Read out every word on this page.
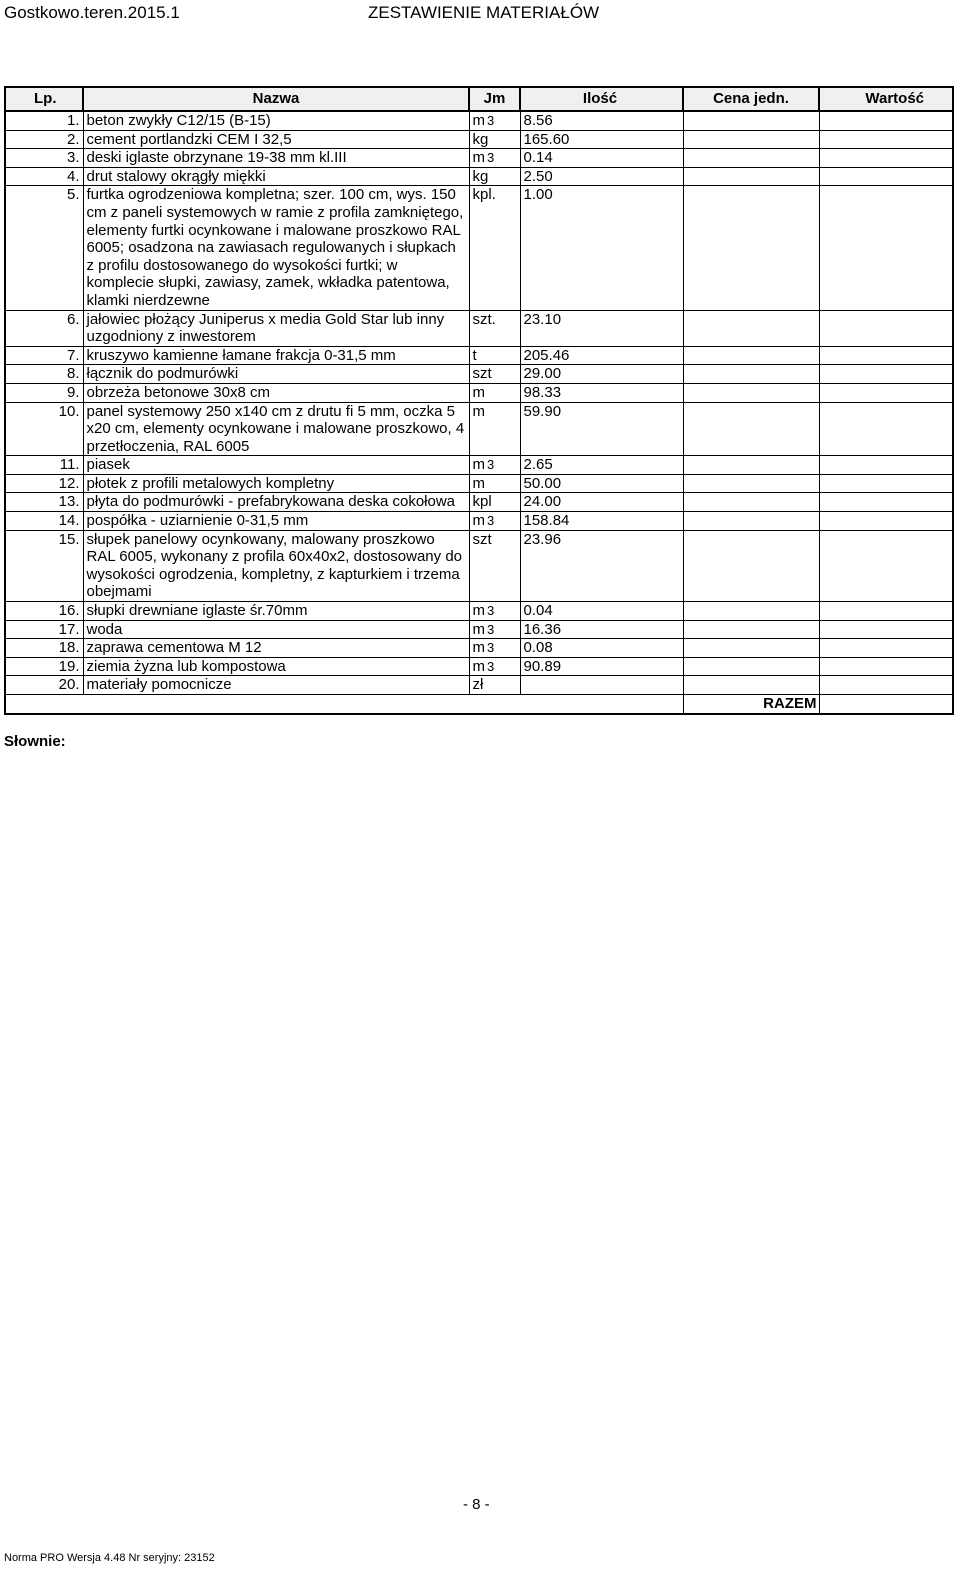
Gostkowo.teren.2015.1	ZESTAWIENIE MATERIAŁÓW
Lp.	Nazwa	Jm	Ilość	Cena jedn.	Wartość
1.	beton zwykły C12/15 (B-15)	m 3	8.56		
2.	cement portlandzki CEM I 32,5	kg	165.60		
3.	deski iglaste obrzynane 19-38 mm kl.III	m 3	0.14		
4.	drut stalowy okrągły miękki	kg	2.50		
5.	furtka ogrodzeniowa kompletna; szer. 100 cm, wys. 150 cm z paneli systemowych w ramie z profila zamkniętego, elementy furtki ocynkowane i malowane proszkowo RAL 6005; osadzona na zawiasach regulowanych i słupkach z profilu dostosowanego do wysokości furtki; w komplecie słupki, zawiasy, zamek, wkładka patentowa, klamki nierdzewne	kpl.	1.00		
6.	jałowiec płożący Juniperus x media Gold Star lub inny uzgodniony z inwestorem	szt.	23.10		
7.	kruszywo kamienne łamane frakcja 0-31,5 mm	t	205.46		
8.	łącznik do podmurówki	szt	29.00		
9.	obrzeża betonowe 30x8 cm	m	98.33		
10.	panel systemowy 250 x140 cm z drutu fi 5 mm, oczka 5 x20 cm, elementy ocynkowane i malowane proszkowo, 4 przetłoczenia, RAL 6005	m	59.90		
11.	piasek	m 3	2.65		
12.	płotek z profili metalowych kompletny	m	50.00		
13.	płyta do podmurówki - prefabrykowana deska cokołowa	kpl	24.00		
14.	pospółka - uziarnienie 0-31,5 mm	m 3	158.84		
15.	słupek panelowy ocynkowany, malowany proszkowo RAL 6005, wykonany z profila 60x40x2, dostosowany do wysokości ogrodzenia, kompletny, z kapturkiem i trzema obejmami	szt	23.96		
16.	słupki drewniane iglaste śr.70mm	m 3	0.04		
17.	woda	m 3	16.36		
18.	zaprawa cementowa M 12	m 3	0.08		
19.	ziemia żyzna lub kompostowa	m 3	90.89		
20.	materiały pomocnicze	zł			
				RAZEM	
Słownie:
- 8 -
Norma PRO Wersja 4.48 Nr seryjny: 23152
